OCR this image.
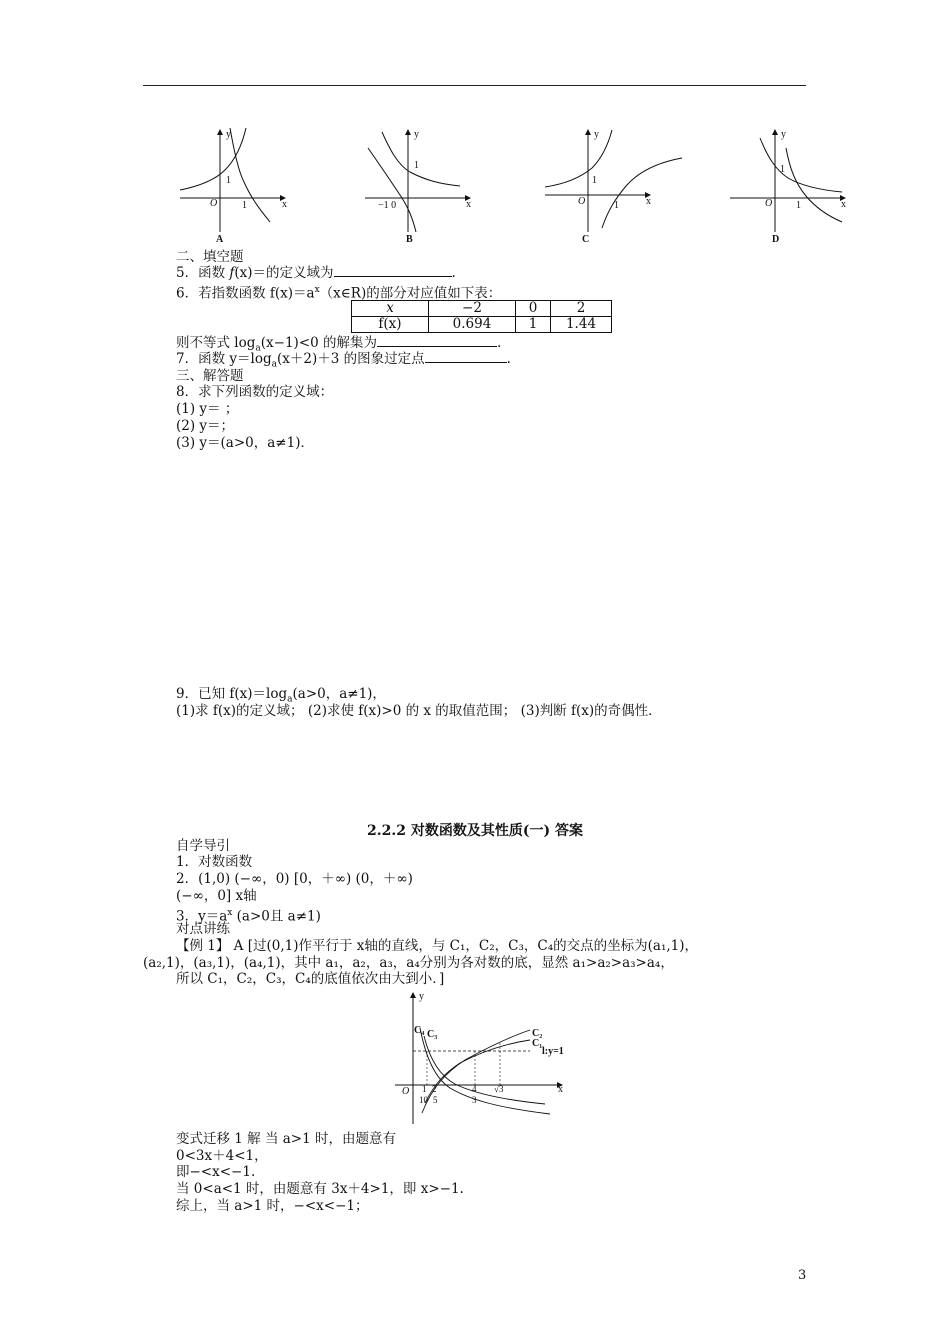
y
x
O
1
1
A
y
x
1
−1 0
B
y
x
O
1
1
C
y
x
O
1
1
D
二、填空题
5．函数 f(x)＝的定义域为	.
6．若指数函数 $f(x)=a^x(x\in R)$的部分对应值如下表：
x	−2	0	2
f(x)	0.694	1	1.44
则不等式 $\log_a(x-1)<0$ 的解集为	.
7．函数 $y=\log_a(x+2)+3$ 的图象过定点	.
三、解答题
8．求下列函数的定义域：
(1) y＝ ；
(2) y＝；
(3) y＝(a>0，a≠1)．
9．已知 $f(x)=\log_a(a>0$，a≠1)，
(1)求 f(x)的定义域； (2)求使 f(x)>0 的 x 的取值范围； (3)判断 f(x)的奇偶性．
2.2.2 对数函数及其性质(一) 答案
自学导引
1．对数函数
2．(1,0) (−∞，0) [0，＋∞) (0，＋∞)
(−∞，0] x轴
3．$y=a^x$ (a>0且 a≠1)
对点讲练
【例 1】 A [过(0,1)作平行于 x轴的直线，与 C₁，C₂，C₃，C₄的交点的坐标为(a₁,1)，
(a₂,1)，(a₃,1)，(a₄,1)，其中 a₁，a₂，a₃，a₄分别为各对数的底，显然 a₁>a₂>a₃>a₄，
所以 C₁，C₂，C₃，C₄的底值依次由大到小．]
y
x
O
C₄ C₃	C₂
C₁
l:y=1
1 2	4 √3
10 5	3
变式迁移 1 解 当 a>1 时，由题意有
0<3x＋4<1，
即−<x<−1.
当 0<a<1 时，由题意有 3x＋4>1，即 x>−1.
综上，当 a>1 时，−<x<−1；
3
